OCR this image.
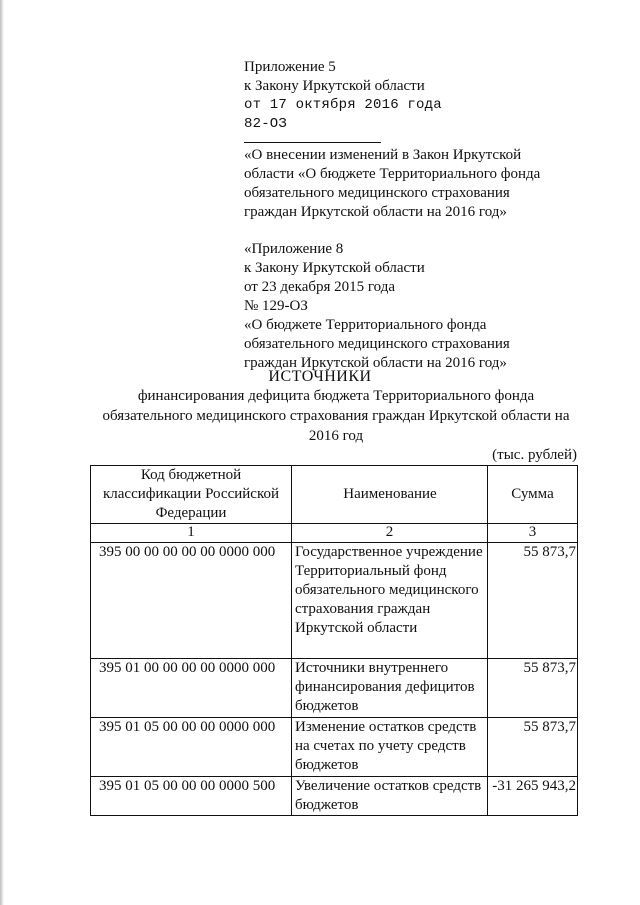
Приложение 5
к Закону Иркутской области
от 17 октября 2016 года
82-ОЗ
«О внесении изменений в Закон Иркутской
области «О бюджете Территориального фонда
обязательного медицинского страхования
граждан Иркутской области на 2016 год»
«Приложение 8
к Закону Иркутской области
от 23 декабря 2015 года
№ 129-ОЗ
«О бюджете Территориального фонда
обязательного медицинского страхования
граждан Иркутской области на 2016 год»
ИСТОЧНИКИ
финансирования дефицита бюджета Территориального фонда обязательного медицинского страхования граждан Иркутской области на 2016 год
(тыс. рублей)
Код бюджетной классификации Российской Федерации	Наименование	Сумма
1	2	3
395 00 00 00 00 00 0000 000	Государственное учреждение Территориальный фонд обязательного медицинского страхования граждан Иркутской области	55 873,7
395 01 00 00 00 00 0000 000	Источники внутреннего финансирования дефицитов бюджетов	55 873,7
395 01 05 00 00 00 0000 000	Изменение остатков средств на счетах по учету средств бюджетов	55 873,7
395 01 05 00 00 00 0000 500	Увеличение остатков средств бюджетов	-31 265 943,2
